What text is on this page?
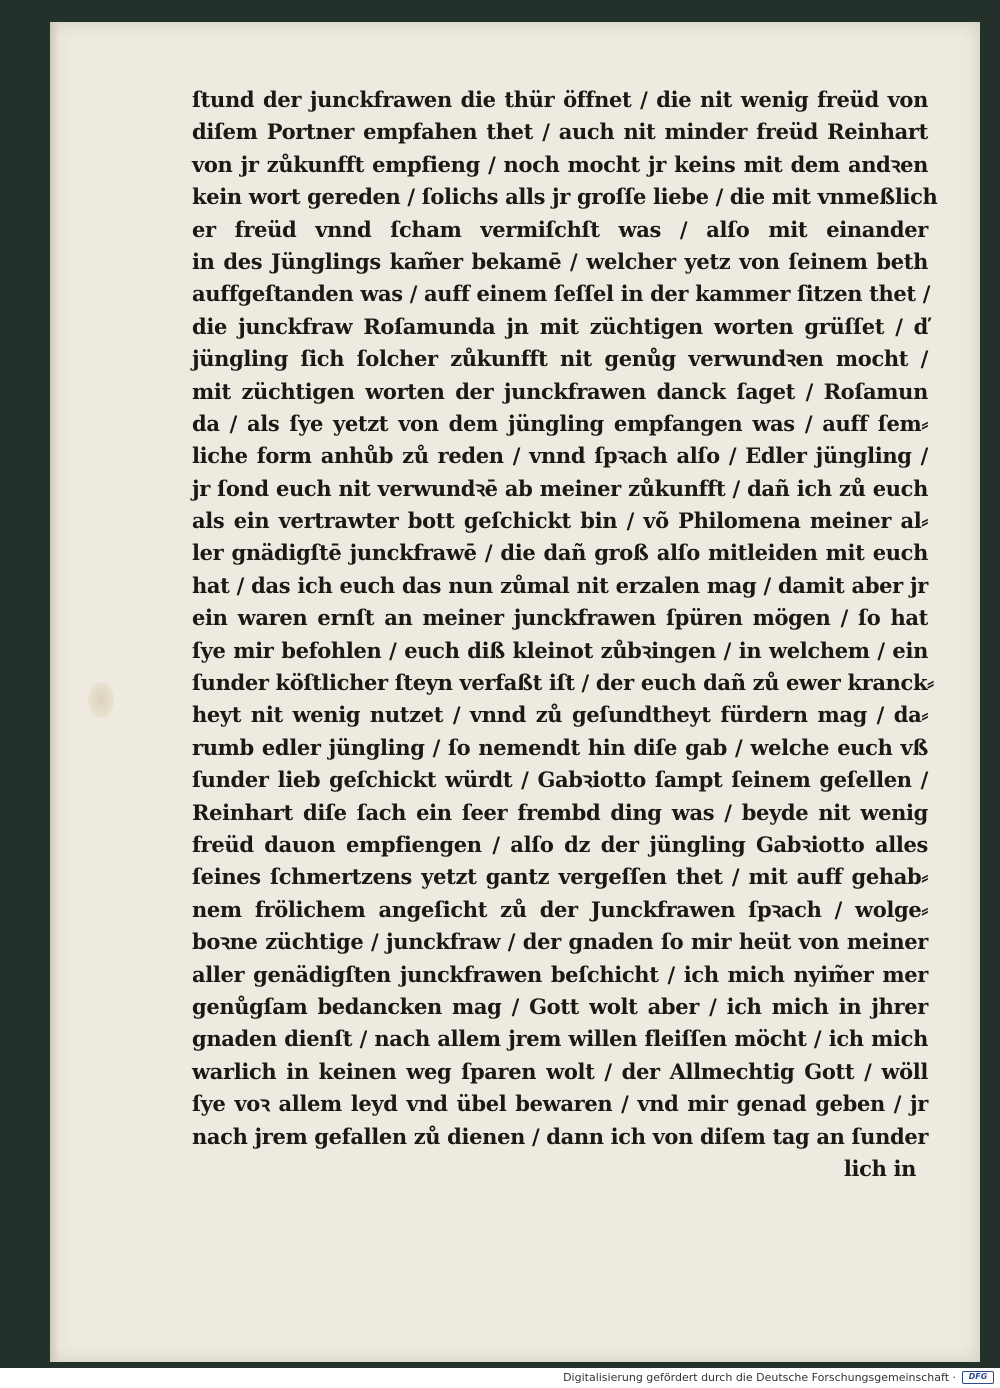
ſtund der junckfrawen die thür öffnet / die nit wenig freüd von
diſem Portner empfahen thet / auch nit minder freüd Reinhart
von jr zůkunfft empfieng / noch mocht jr keins mit dem andꝛen
kein wort gereden / ſolichs alls jr groſſe liebe / die mit vnmeßlich
er freüd vnnd ſcham vermiſchſt was / alſo mit einander
in des Jünglings kam̃er bekamē / welcher yetz von ſeinem beth
auffgeſtanden was / auff einem ſeſſel in der kammer ſitzen thet /
die junckfraw Roſamunda jn mit züchtigen worten grüſſet / ď
jüngling ſich ſolcher zůkunfft nit genůg verwundꝛen mocht /
mit züchtigen worten der junckfrawen danck ſaget / Roſamun
da / als ſye yetzt von dem jüngling empfangen was / auff ſem⸗
liche form anhůb zů reden / vnnd ſpꝛach alſo / Edler jüngling /
jr ſond euch nit verwundꝛē ab meiner zůkunfft / dañ ich zů euch
als ein vertrawter bott geſchickt bin / võ Philomena meiner al⸗
ler gnädigſtē junckfrawē / die dañ groß alſo mitleiden mit euch
hat / das ich euch das nun zůmal nit erzalen mag / damit aber jr
ein waren ernſt an meiner junckfrawen ſpüren mögen / ſo hat
ſye mir befohlen / euch diß kleinot zůbꝛingen / in welchem / ein
ſunder köſtlicher ſteyn verfaßt iſt / der euch dañ zů ewer kranck⸗
heyt nit wenig nutzet / vnnd zů geſundtheyt fürdern mag / da⸗
rumb edler jüngling / ſo nemendt hin diſe gab / welche euch vß
ſunder lieb geſchickt würdt / Gabꝛiotto ſampt ſeinem geſellen /
Reinhart diſe ſach ein ſeer frembd ding was / beyde nit wenig
freüd dauon empfiengen / alſo dz der jüngling Gabꝛiotto alles
ſeines ſchmertzens yetzt gantz vergeſſen thet / mit auff gehab⸗
nem frölichem angeſicht zů der Junckfrawen ſpꝛach / wolge⸗
boꝛne züchtige / junckfraw / der gnaden ſo mir heüt von meiner
aller genädigſten junckfrawen beſchicht / ich mich nyim̃er mer
genůgſam bedancken mag / Gott wolt aber / ich mich in jhrer
gnaden dienſt / nach allem jrem willen fleiſſen möcht / ich mich
warlich in keinen weg ſparen wolt / der Allmechtig Gott / wöll
ſye voꝛ allem leyd vnd übel bewaren / vnd mir genad geben / jr
nach jrem gefallen zů dienen / dann ich von diſem tag an ſunder
lich in
Digitalisierung gefördert durch die Deutsche Forschungsgemeinschaft ·	DFG
